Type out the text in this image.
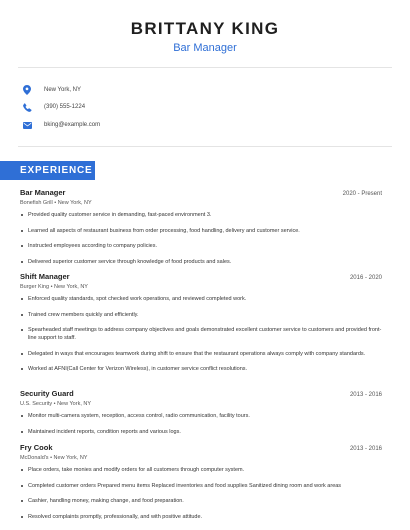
BRITTANY KING
Bar Manager
New York, NY
(390) 555-1224
bking@example.com
EXPERIENCE
Bar Manager	2020 - Present
Bonefish Grill • New York, NY
Provided quality customer service in demanding, fast-paced environment 3.
Learned all aspects of restaurant business from order processing, food handling, delivery and customer service.
Instructed employees according to company policies.
Delivered superior customer service through knowledge of food products and sales.
Shift Manager	2016 - 2020
Burger King • New York, NY
Enforced quality standards, spot checked work operations, and reviewed completed work.
Trained crew members quickly and efficiently.
Spearheaded staff meetings to address company objectives and goals demonstrated excellent customer service to customers and provided front-line support to staff.
Delegated in ways that encourages teamwork during shift to ensure that the restaurant operations always comply with company standards.
Worked at AFNI(Call Center for Verizon Wireless), in customer service conflict resolutions.
Security Guard	2013 - 2016
U.S. Security • New York, NY
Monitor multi-camera system, reception, access control, radio communication, facility tours.
Maintained incident reports, condition reports and various logs.
Fry Cook	2013 - 2016
McDonald's • New York, NY
Place orders, take monies and modify orders for all customers through computer system.
Completed customer orders Prepared menu items Replaced inventories and food supplies Sanitized dining room and work areas
Cashier, handling money, making change, and food preparation.
Resolved complaints promptly, professionally, and with positive attitude.
